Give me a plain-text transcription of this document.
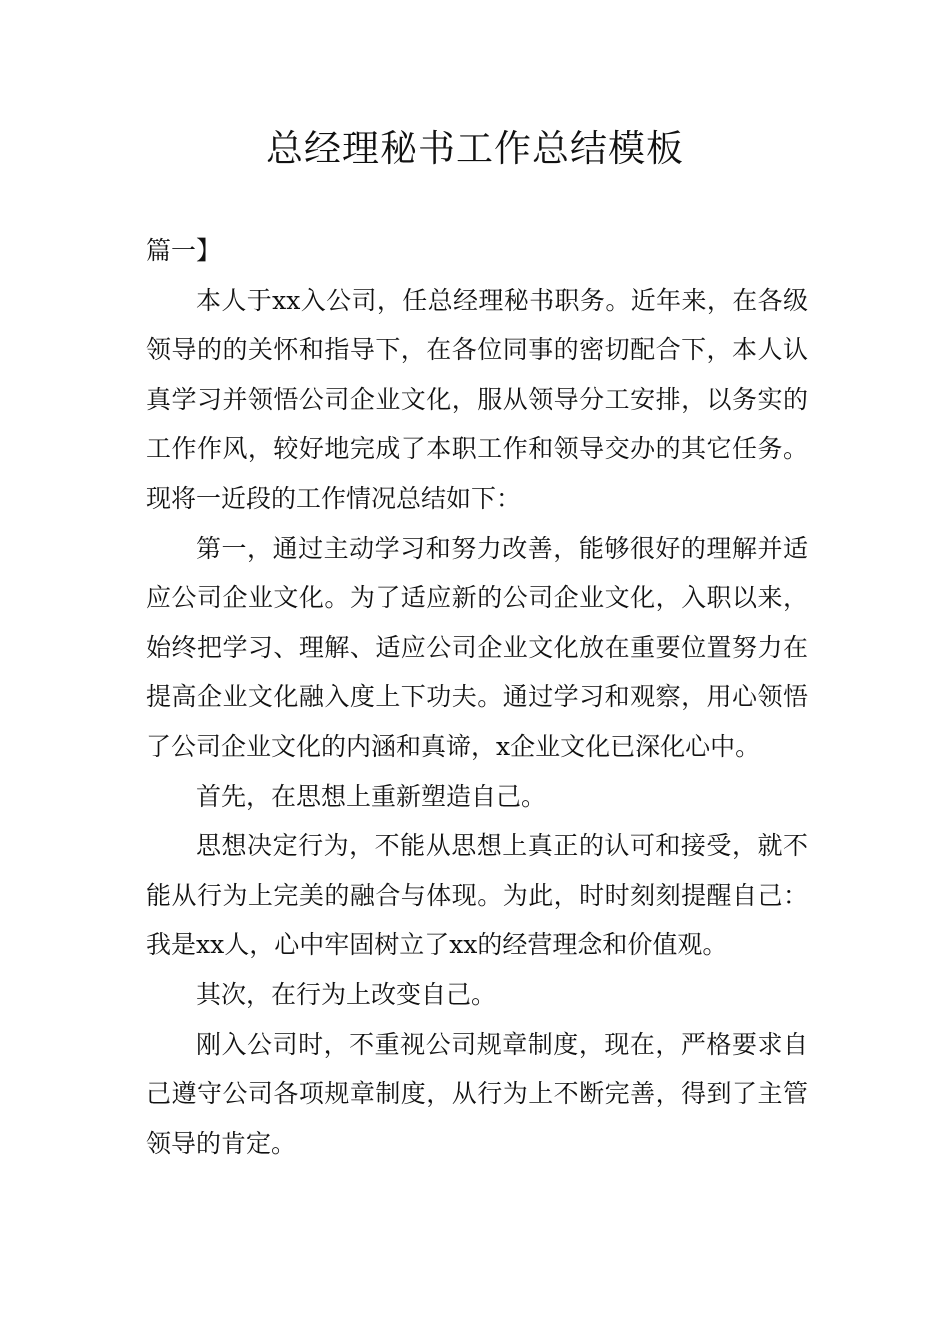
总经理秘书工作总结模板

篇一】

本人于xx入公司，任总经理秘书职务。近年来，在各级领导的的关怀和指导下，在各位同事的密切配合下，本人认真学习并领悟公司企业文化，服从领导分工安排，以务实的工作作风，较好地完成了本职工作和领导交办的其它任务。现将一近段的工作情况总结如下：

第一，通过主动学习和努力改善，能够很好的理解并适应公司企业文化。为了适应新的公司企业文化，入职以来，始终把学习、理解、适应公司企业文化放在重要位置努力在提高企业文化融入度上下功夫。通过学习和观察，用心领悟了公司企业文化的内涵和真谛，x企业文化已深化心中。

首先，在思想上重新塑造自己。

思想决定行为，不能从思想上真正的认可和接受，就不能从行为上完美的融合与体现。为此，时时刻刻提醒自己：我是xx人，心中牢固树立了xx的经营理念和价值观。

其次，在行为上改变自己。

刚入公司时，不重视公司规章制度，现在，严格要求自己遵守公司各项规章制度，从行为上不断完善，得到了主管领导的肯定。
